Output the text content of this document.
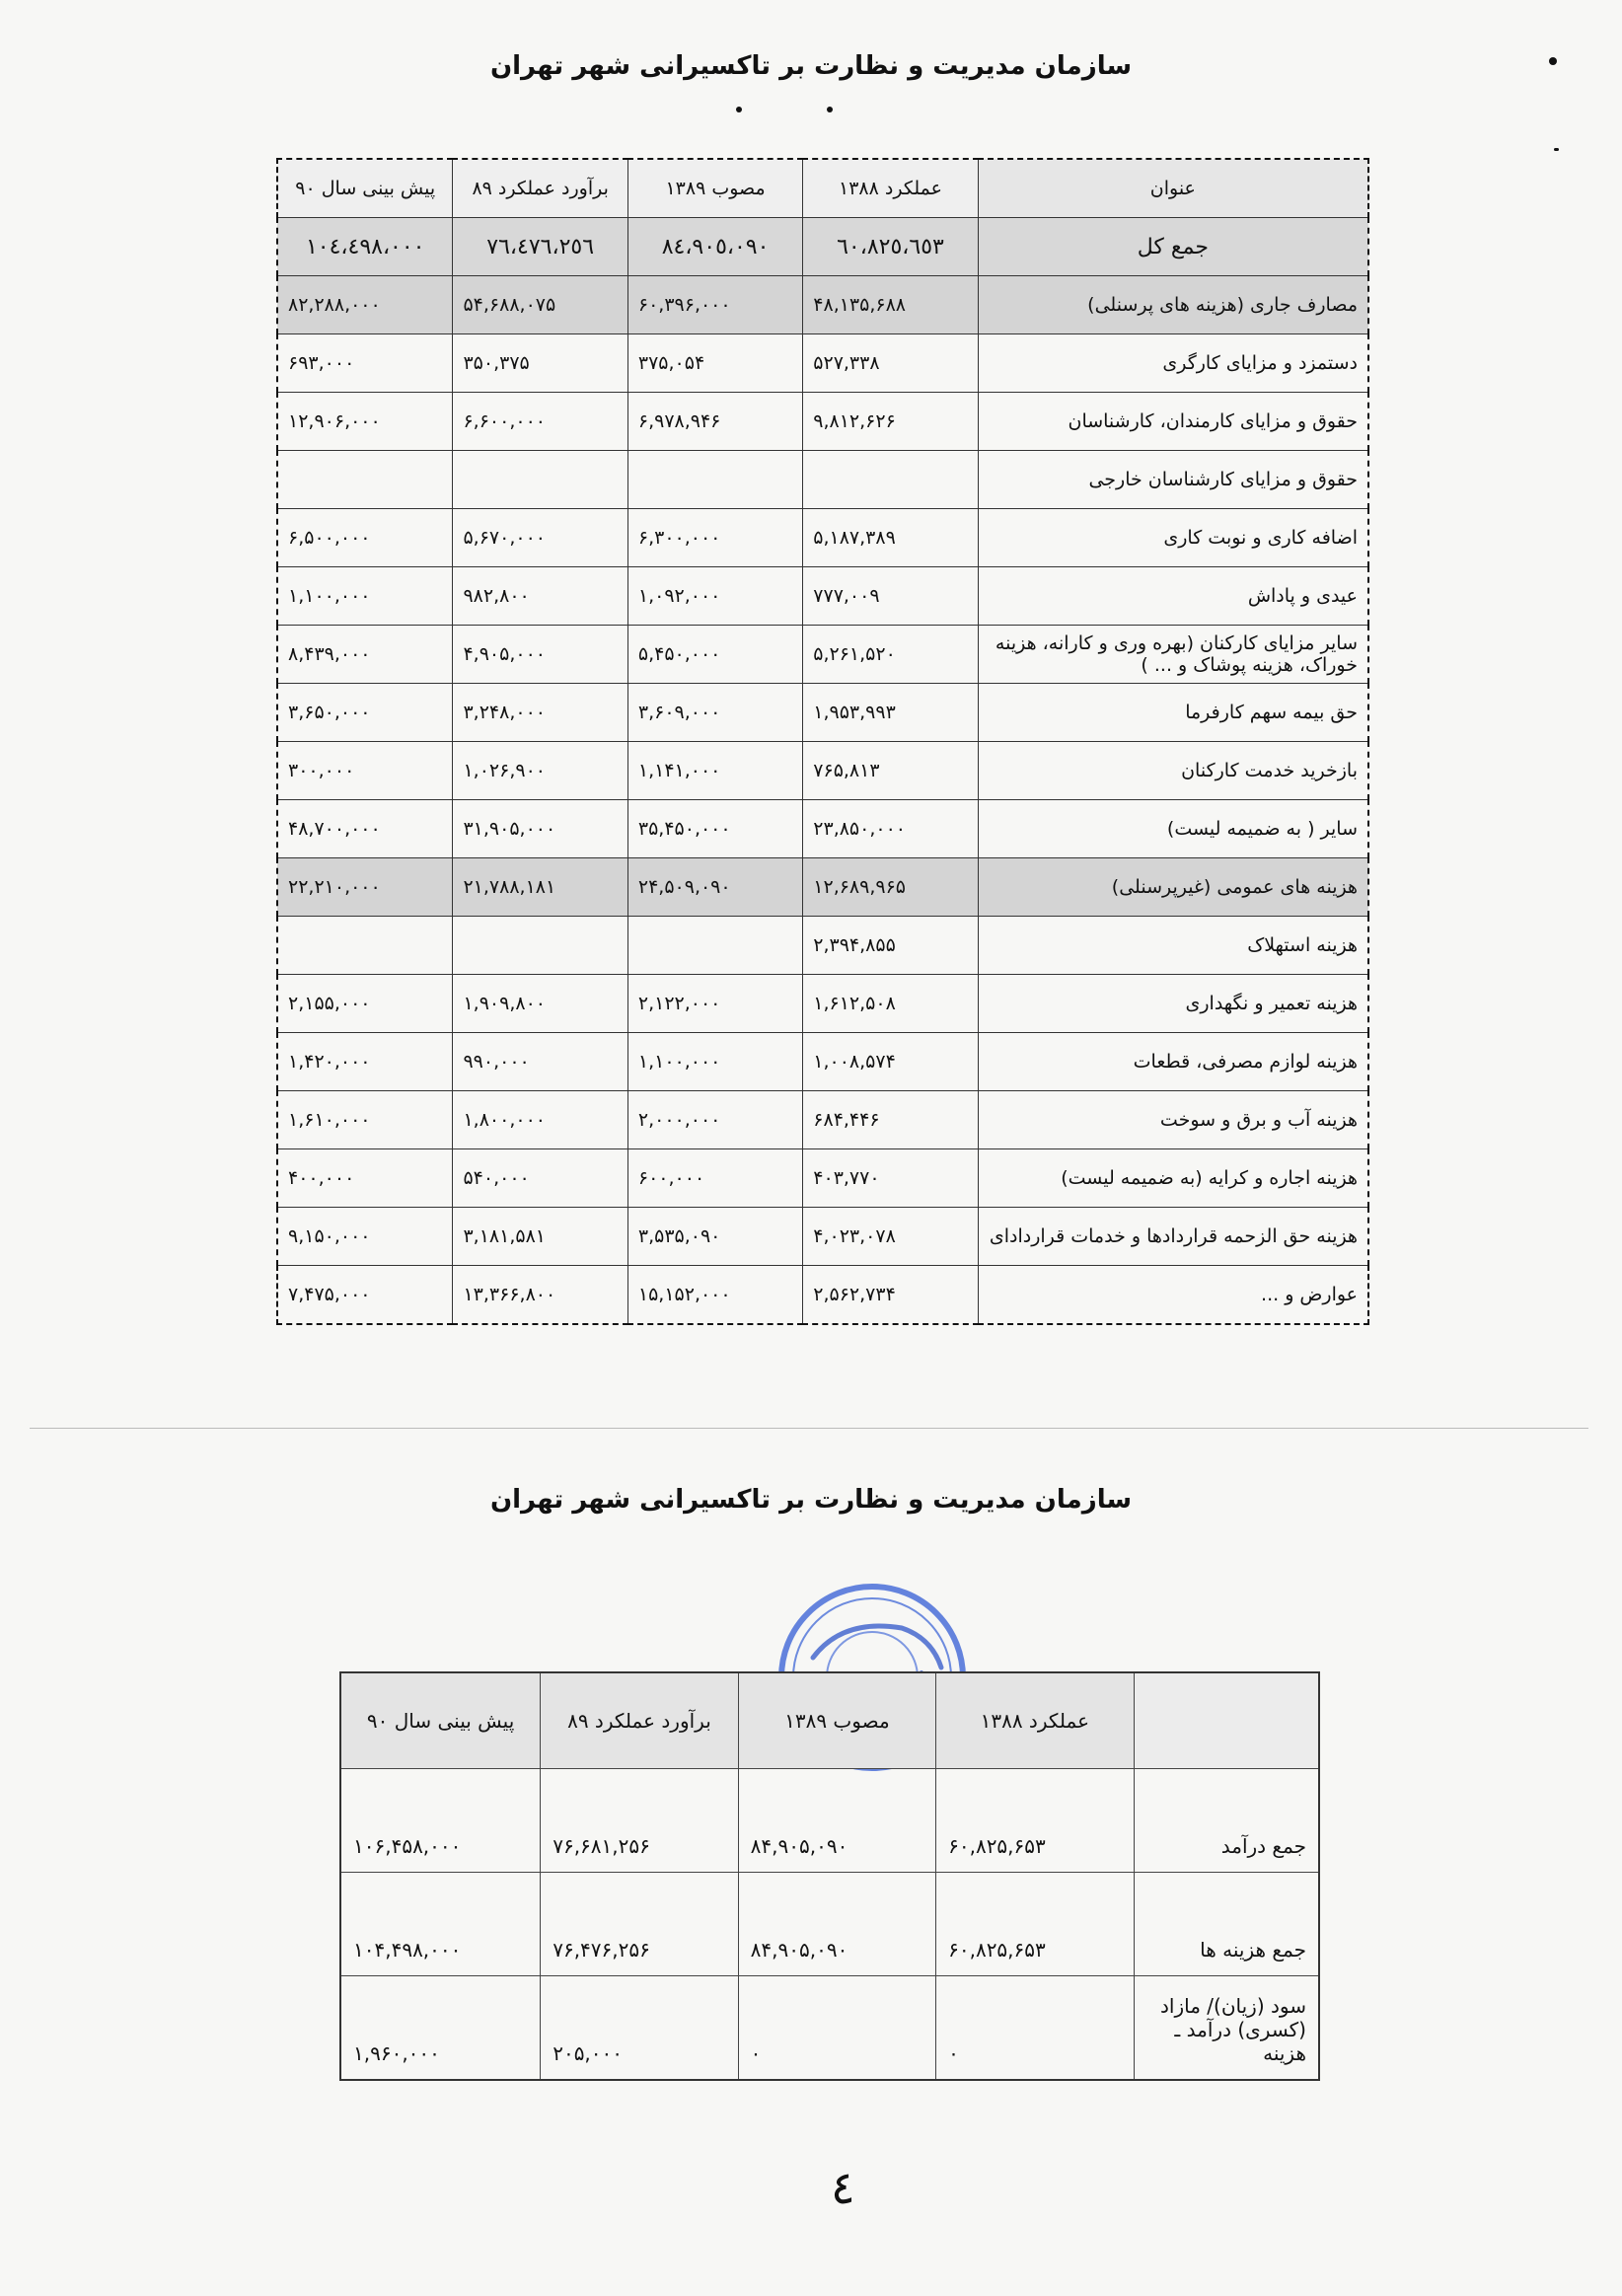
سازمان مدیریت و نظارت بر تاکسیرانی شهر تهران
عنوان	عملکرد ۱۳۸۸	مصوب ۱۳۸۹	برآورد عملکرد ۸۹	پیش بینی سال ۹۰
جمع کل	٦٠،٨٢٥،٦٥٣	٨٤،٩٠٥،٠٩٠	٧٦،٤٧٦،٢٥٦	١٠٤،٤٩٨،٠٠٠
مصارف جاری (هزینه های پرسنلی)	۴۸,۱۳۵,۶۸۸	۶۰,۳۹۶,۰۰۰	۵۴,۶۸۸,۰۷۵	۸۲,۲۸۸,۰۰۰
دستمزد و مزایای کارگری	۵۲۷,۳۳۸	۳۷۵,۰۵۴	۳۵۰,۳۷۵	۶۹۳,۰۰۰
حقوق و مزایای کارمندان، کارشناسان	۹,۸۱۲,۶۲۶	۶,۹۷۸,۹۴۶	۶,۶۰۰,۰۰۰	۱۲,۹۰۶,۰۰۰
حقوق و مزایای کارشناسان خارجی				
اضافه کاری و نوبت کاری	۵,۱۸۷,۳۸۹	۶,۳۰۰,۰۰۰	۵,۶۷۰,۰۰۰	۶,۵۰۰,۰۰۰
عیدی و پاداش	۷۷۷,۰۰۹	۱,۰۹۲,۰۰۰	۹۸۲,۸۰۰	۱,۱۰۰,۰۰۰
سایر مزایای کارکنان (بهره وری و کارانه، هزینه خوراک، هزینه پوشاک و ... )	۵,۲۶۱,۵۲۰	۵,۴۵۰,۰۰۰	۴,۹۰۵,۰۰۰	۸,۴۳۹,۰۰۰
حق بیمه سهم کارفرما	۱,۹۵۳,۹۹۳	۳,۶۰۹,۰۰۰	۳,۲۴۸,۰۰۰	۳,۶۵۰,۰۰۰
بازخرید خدمت کارکنان	۷۶۵,۸۱۳	۱,۱۴۱,۰۰۰	۱,۰۲۶,۹۰۰	۳۰۰,۰۰۰
سایر ( به ضمیمه لیست)	۲۳,۸۵۰,۰۰۰	۳۵,۴۵۰,۰۰۰	۳۱,۹۰۵,۰۰۰	۴۸,۷۰۰,۰۰۰
هزینه های عمومی (غیرپرسنلی)	۱۲,۶۸۹,۹۶۵	۲۴,۵۰۹,۰۹۰	۲۱,۷۸۸,۱۸۱	۲۲,۲۱۰,۰۰۰
هزینه استهلاک	۲,۳۹۴,۸۵۵			
هزینه تعمیر و نگهداری	۱,۶۱۲,۵۰۸	۲,۱۲۲,۰۰۰	۱,۹۰۹,۸۰۰	۲,۱۵۵,۰۰۰
هزینه لوازم مصرفی، قطعات	۱,۰۰۸,۵۷۴	۱,۱۰۰,۰۰۰	۹۹۰,۰۰۰	۱,۴۲۰,۰۰۰
هزینه آب و برق و سوخت	۶۸۴,۴۴۶	۲,۰۰۰,۰۰۰	۱,۸۰۰,۰۰۰	۱,۶۱۰,۰۰۰
هزینه اجاره و کرایه (به ضمیمه لیست)	۴۰۳,۷۷۰	۶۰۰,۰۰۰	۵۴۰,۰۰۰	۴۰۰,۰۰۰
هزینه حق الزحمه قراردادها و خدمات قراردادای	۴,۰۲۳,۰۷۸	۳,۵۳۵,۰۹۰	۳,۱۸۱,۵۸۱	۹,۱۵۰,۰۰۰
عوارض و ...	۲,۵۶۲,۷۳۴	۱۵,۱۵۲,۰۰۰	۱۳,۳۶۶,۸۰۰	۷,۴۷۵,۰۰۰
سازمان مدیریت و نظارت بر تاکسیرانی شهر تهران
	عملکرد ۱۳۸۸	مصوب ۱۳۸۹	برآورد عملکرد ۸۹	پیش بینی سال ۹۰
جمع درآمد	۶۰,۸۲۵,۶۵۳	۸۴,۹۰۵,۰۹۰	۷۶,۶۸۱,۲۵۶	۱۰۶,۴۵۸,۰۰۰
جمع هزینه ها	۶۰,۸۲۵,۶۵۳	۸۴,۹۰۵,۰۹۰	۷۶,۴۷۶,۲۵۶	۱۰۴,۴۹۸,۰۰۰
سود (زیان)/ مازاد (کسری) درآمد ـ هزینه	۰	۰	۲۰۵,۰۰۰	۱,۹۶۰,۰۰۰
٤
